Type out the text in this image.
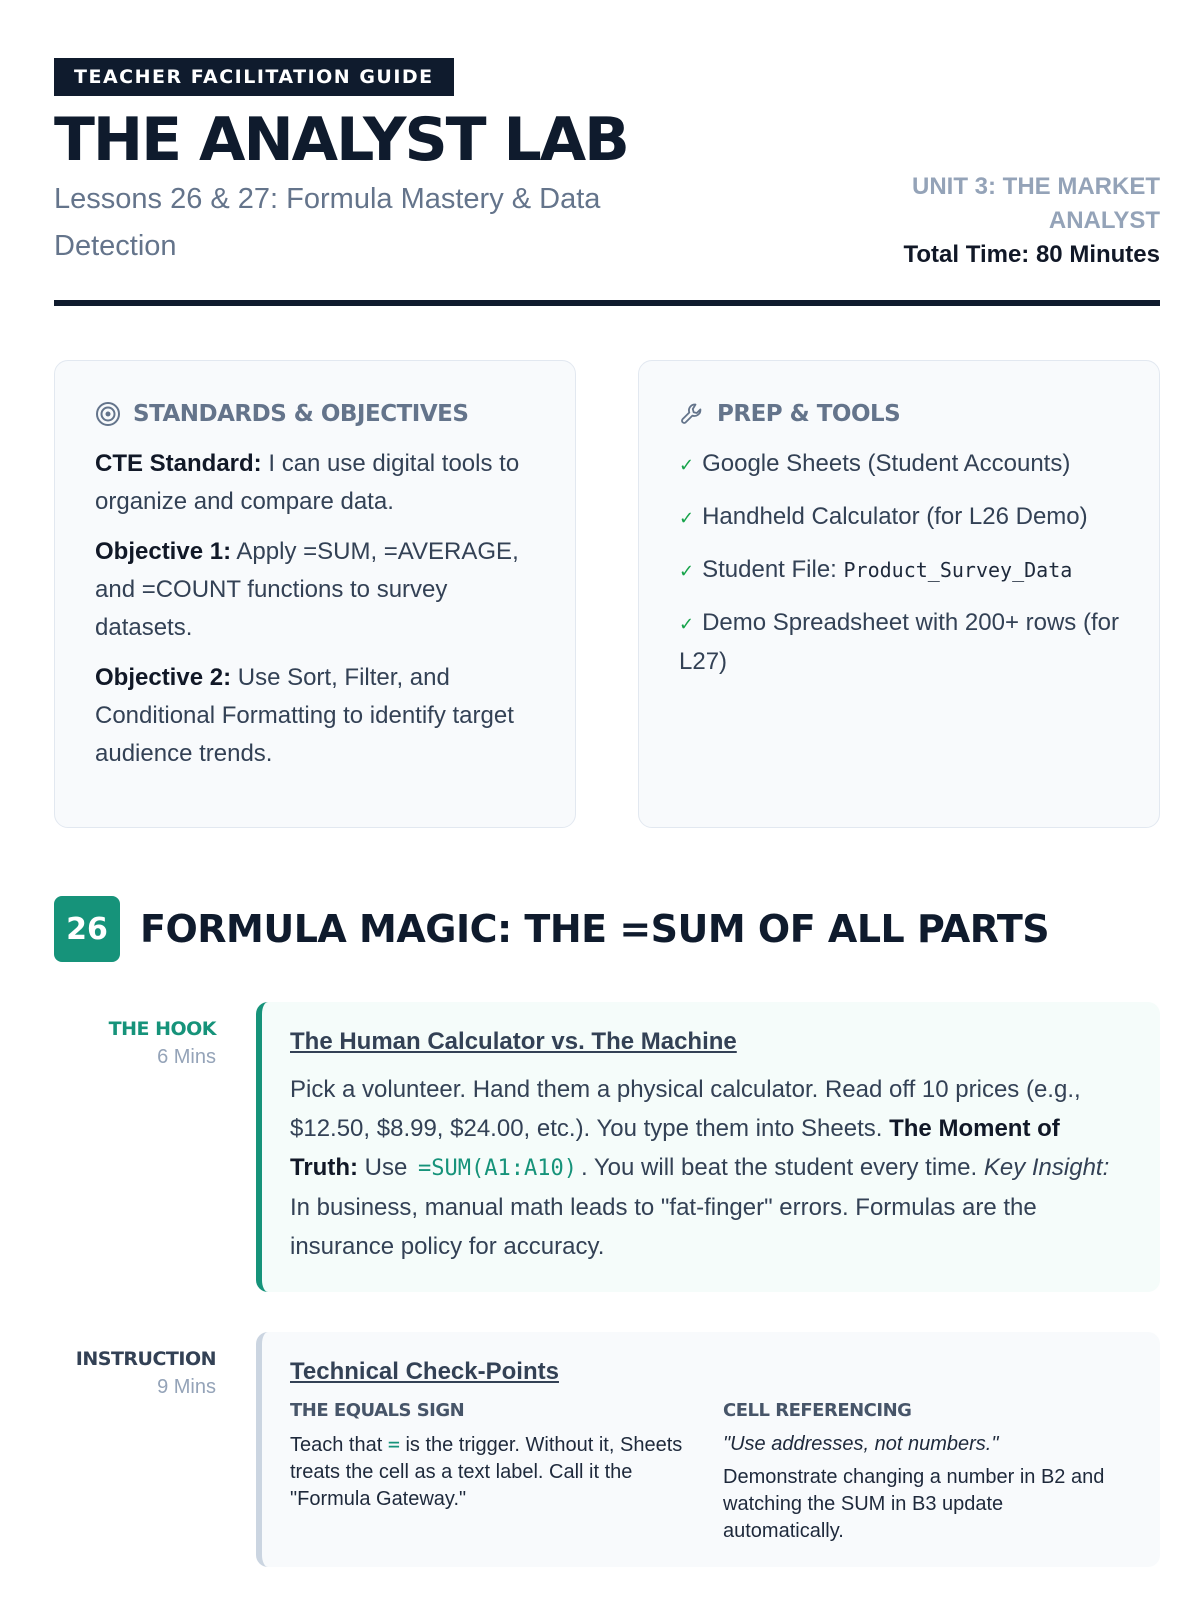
TEACHER FACILITATION GUIDE
THE ANALYST LAB
Lessons 26 & 27: Formula Mastery & Data Detection
UNIT 3: THE MARKET ANALYST
Total Time: 80 Minutes
STANDARDS & OBJECTIVES
CTE Standard: I can use digital tools to organize and compare data.
Objective 1: Apply =SUM, =AVERAGE, and =COUNT functions to survey datasets.
Objective 2: Use Sort, Filter, and Conditional Formatting to identify target audience trends.
PREP & TOOLS
✓ Google Sheets (Student Accounts)
✓ Handheld Calculator (for L26 Demo)
✓ Student File: Product_Survey_Data
✓ Demo Spreadsheet with 200+ rows (for L27)
26 FORMULA MAGIC: THE =SUM OF ALL PARTS
THE HOOK
6 Mins
The Human Calculator vs. The Machine
Pick a volunteer. Hand them a physical calculator. Read off 10 prices (e.g., $12.50, $8.99, $24.00, etc.). You type them into Sheets. The Moment of Truth: Use =SUM(A1:A10) . You will beat the student every time. Key Insight: In business, manual math leads to "fat-finger" errors. Formulas are the insurance policy for accuracy.
INSTRUCTION
9 Mins
Technical Check-Points
THE EQUALS SIGN
Teach that = is the trigger. Without it, Sheets treats the cell as a text label. Call it the "Formula Gateway."
CELL REFERENCING
"Use addresses, not numbers."
Demonstrate changing a number in B2 and watching the SUM in B3 update automatically.
